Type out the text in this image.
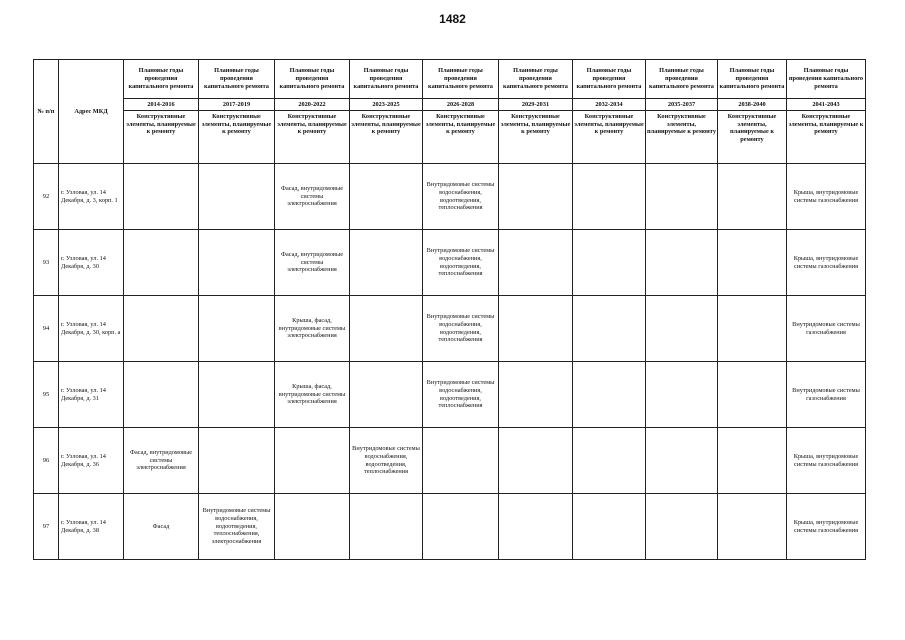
1482
№ п/п	Адрес МКД	Плановые годы проведения капитального ремонта	Плановые годы проведения капитального ремонта	Плановые годы проведения капитального ремонта	Плановые годы проведения капитального ремонта	Плановые годы проведения капитального ремонта	Плановые годы проведения капитального ремонта	Плановые годы проведения капитального ремонта	Плановые годы проведения капитального ремонта	Плановые годы проведения капитального ремонта	Плановые годы проведения капитального ремонта
		2014-2016	2017-2019	2020-2022	2023-2025	2026-2028	2029-2031	2032-2034	2035-2037	2038-2040	2041-2043
		Конструктивные элементы, планируемые к ремонту	Конструктивные элементы, планируемые к ремонту	Конструктивные элементы, планируемые к ремонту	Конструктивные элементы, планируемые к ремонту	Конструктивные элементы, планируемые к ремонту	Конструктивные элементы, планируемые к ремонту	Конструктивные элементы, планируемые к ремонту	Конструктивные элементы, планируемые к ремонту	Конструктивные элементы, планируемые к ремонту	Конструктивные элементы, планируемые к ремонту
92	г. Узловая, ул. 14 Декабря, д. 3, корп. 1			Фасад, внутридомовые системы электроснабжения		Внутридомовые системы водоснабжения, водоотведения, теплоснабжения					Крыша, внутридомовые системы газоснабжения
93	г. Узловая, ул. 14 Декабря, д. 30			Фасад, внутридомовые системы электроснабжения		Внутридомовые системы водоснабжения, водоотведения, теплоснабжения					Крыша, внутридомовые системы газоснабжения
94	г. Узловая, ул. 14 Декабря, д. 30, корп. а			Крыша, фасад, внутридомовые системы электроснабжения		Внутридомовые системы водоснабжения, водоотведения, теплоснабжения					Внутридомовые системы газоснабжения
95	г. Узловая, ул. 14 Декабря, д. 31			Крыша, фасад, внутридомовые системы электроснабжения		Внутридомовые системы водоснабжения, водоотведения, теплоснабжения					Внутридомовые системы газоснабжения
96	г. Узловая, ул. 14 Декабря, д. 36	Фасад, внутридомовые системы электроснабжения			Внутридомовые системы водоснабжения, водоотведения, теплоснабжения						Крыша, внутридомовые системы газоснабжения
97	г. Узловая, ул. 14 Декабря, д. 38	Фасад	Внутридомовые системы водоснабжения, водоотведения, теплоснабжения, электроснабжения								Крыша, внутридомовые системы газоснабжения
